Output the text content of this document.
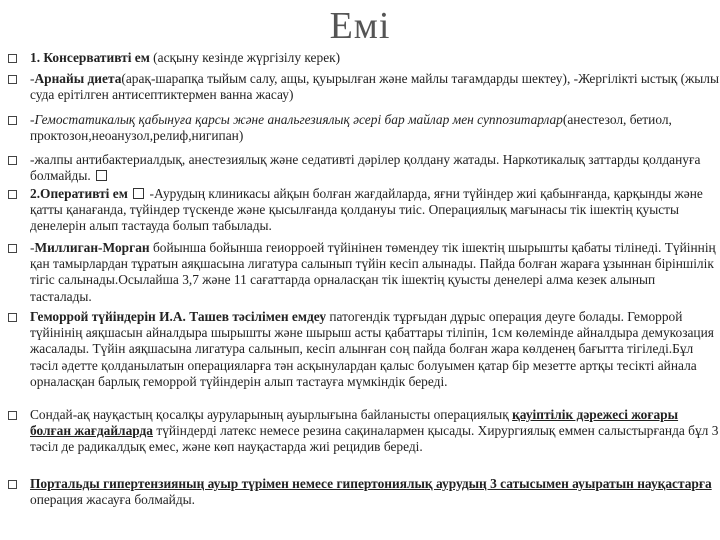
Емі
1. Консервативті ем (асқыну кезінде жүргізілу керек)
-Арнайы диета(арақ-шарапқа тыйым салу, ащы, қуырылған және майлы тағамдарды шектеу), -Жергілікті ыстық (жылы суда ерітілген антисептиктермен ванна жасау)
-Гемостатикалық қабынуға қарсы және анальгезиялық әсері бар майлар мен суппозитарлар(анестезол, бетиол, проктозон,неоанузол,релиф,нигипан)
-жалпы антибактериалдық, анестезиялық және седативті дәрілер қолдану жатады. Наркотикалық заттарды қолдануға болмайды.
2.Оперативті ем  -Аурудың клиникасы айқын болған жағдайларда, яғни түйіндер жиі қабынғанда, қарқынды және қатты қанағанда, түйіндер түскенде және қысылғанда қолдануы тиіс. Операциялық мағынасы тік ішектің қуысты денелерін алып тастауда болып табылады.
-Миллиган-Морган бойынша бойынша геиорроей түйінінен төмендеу тік ішектің шырышты қабаты тілінеді. Түйіннің қан тамырлардан тұратын аяқшасына лигатура салынып түйін кесіп алынады. Пайда болған жараға ұзыннан біріншілік тігіс салынады.Осылайша 3,7 және 11 сағаттарда орналасқан тік ішектің қуысты денелері алма кезек алынып тасталады.
Геморрой түйіндерін И.А. Ташев тәсілімен емдеу патогендік тұрғыдан дұрыс операция деуге болады. Геморрой түйінінің аяқшасын айналдыра шырышты және шырыш асты қабаттары тіліпін, 1см көлемінде айналдыра демукозация жасалады. Түйін аяқшасына лигатура салынып, кесіп алынған соң пайда болған жара көлденең бағытта тігіледі.Бұл тәсіл әдетте қолданылатын операцияларға тән асқынулардан қалыс болуымен қатар бір мезетте артқы тесікті айнала орналасқан барлық геморрой түйіндерін алып тастауға мүмкіндік береді.
Сондай-ақ науқастың қосалқы ауруларының ауырлығына байланысты операциялық қауіптілік дәрежесі жоғары болған жағдайларда түйіндерді латекс немесе резина сақиналармен қысады. Хирургиялық еммен салыстырғанда бұл 3 тәсіл де радикалдық емес, және көп науқастарда жиі рецидив береді.
Портальды гипертензияның ауыр түрімен немесе гипертониялық аурудың 3 сатысымен ауыратын науқастарға операция жасауға болмайды.
